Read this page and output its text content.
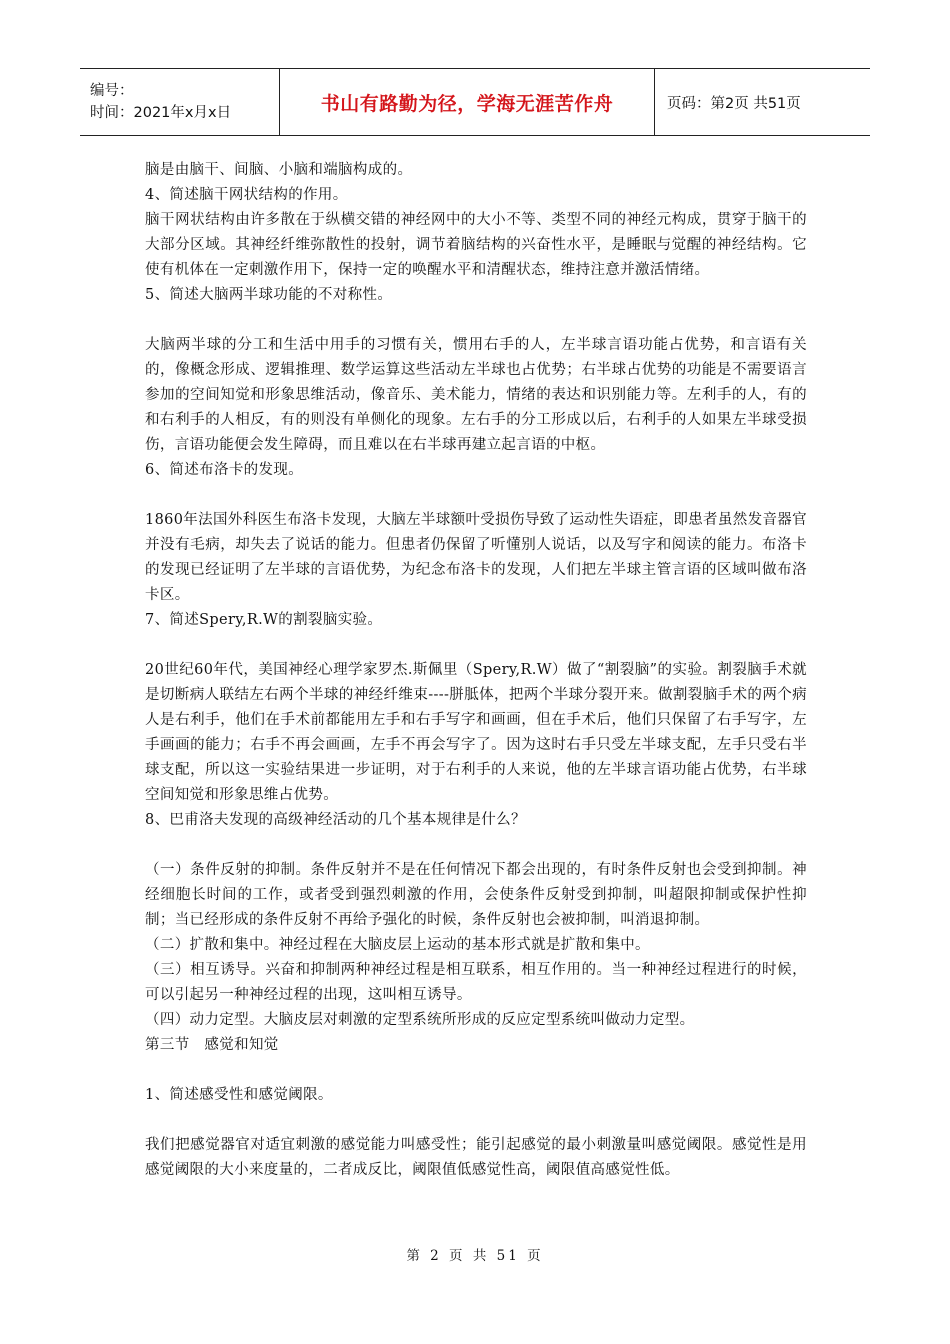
编号：
时间：2021年x月x日	书山有路勤为径，学海无涯苦作舟	页码：第2页 共51页

脑是由脑干、间脑、小脑和端脑构成的。

4、简述脑干网状结构的作用。

脑干网状结构由许多散在于纵横交错的神经网中的大小不等、类型不同的神经元构成，贯穿于脑干的大部分区域。其神经纤维弥散性的投射，调节着脑结构的兴奋性水平，是睡眠与觉醒的神经结构。它使有机体在一定刺激作用下，保持一定的唤醒水平和清醒状态，维持注意并激活情绪。

5、简述大脑两半球功能的不对称性。

大脑两半球的分工和生活中用手的习惯有关，惯用右手的人，左半球言语功能占优势，和言语有关的，像概念形成、逻辑推理、数学运算这些活动左半球也占优势；右半球占优势的功能是不需要语言参加的空间知觉和形象思维活动，像音乐、美术能力，情绪的表达和识别能力等。左利手的人，有的和右利手的人相反，有的则没有单侧化的现象。左右手的分工形成以后，右利手的人如果左半球受损伤，言语功能便会发生障碍，而且难以在右半球再建立起言语的中枢。

6、简述布洛卡的发现。

1860年法国外科医生布洛卡发现，大脑左半球额叶受损伤导致了运动性失语症，即患者虽然发音器官并没有毛病，却失去了说话的能力。但患者仍保留了听懂别人说话，以及写字和阅读的能力。布洛卡的发现已经证明了左半球的言语优势，为纪念布洛卡的发现，人们把左半球主管言语的区域叫做布洛卡区。

7、简述Spery,R.W的割裂脑实验。

20世纪60年代，美国神经心理学家罗杰.斯佩里（Spery,R.W）做了“割裂脑”的实验。割裂脑手术就是切断病人联结左右两个半球的神经纤维束----胼胝体，把两个半球分裂开来。做割裂脑手术的两个病人是右利手，他们在手术前都能用左手和右手写字和画画，但在手术后，他们只保留了右手写字，左手画画的能力；右手不再会画画，左手不再会写字了。因为这时右手只受左半球支配，左手只受右半球支配，所以这一实验结果进一步证明，对于右利手的人来说，他的左半球言语功能占优势，右半球空间知觉和形象思维占优势。

8、巴甫洛夫发现的高级神经活动的几个基本规律是什么？

（一）条件反射的抑制。条件反射并不是在任何情况下都会出现的，有时条件反射也会受到抑制。神经细胞长时间的工作，或者受到强烈刺激的作用，会使条件反射受到抑制，叫超限抑制或保护性抑制；当已经形成的条件反射不再给予强化的时候，条件反射也会被抑制，叫消退抑制。

（二）扩散和集中。神经过程在大脑皮层上运动的基本形式就是扩散和集中。

（三）相互诱导。兴奋和抑制两种神经过程是相互联系，相互作用的。当一种神经过程进行的时候，可以引起另一种神经过程的出现，这叫相互诱导。

（四）动力定型。大脑皮层对刺激的定型系统所形成的反应定型系统叫做动力定型。

第三节　感觉和知觉

1、简述感受性和感觉阈限。

我们把感觉器官对适宜刺激的感觉能力叫感受性；能引起感觉的最小刺激量叫感觉阈限。感觉性是用感觉阈限的大小来度量的，二者成反比，阈限值低感觉性高，阈限值高感觉性低。

第 2 页 共 51 页
